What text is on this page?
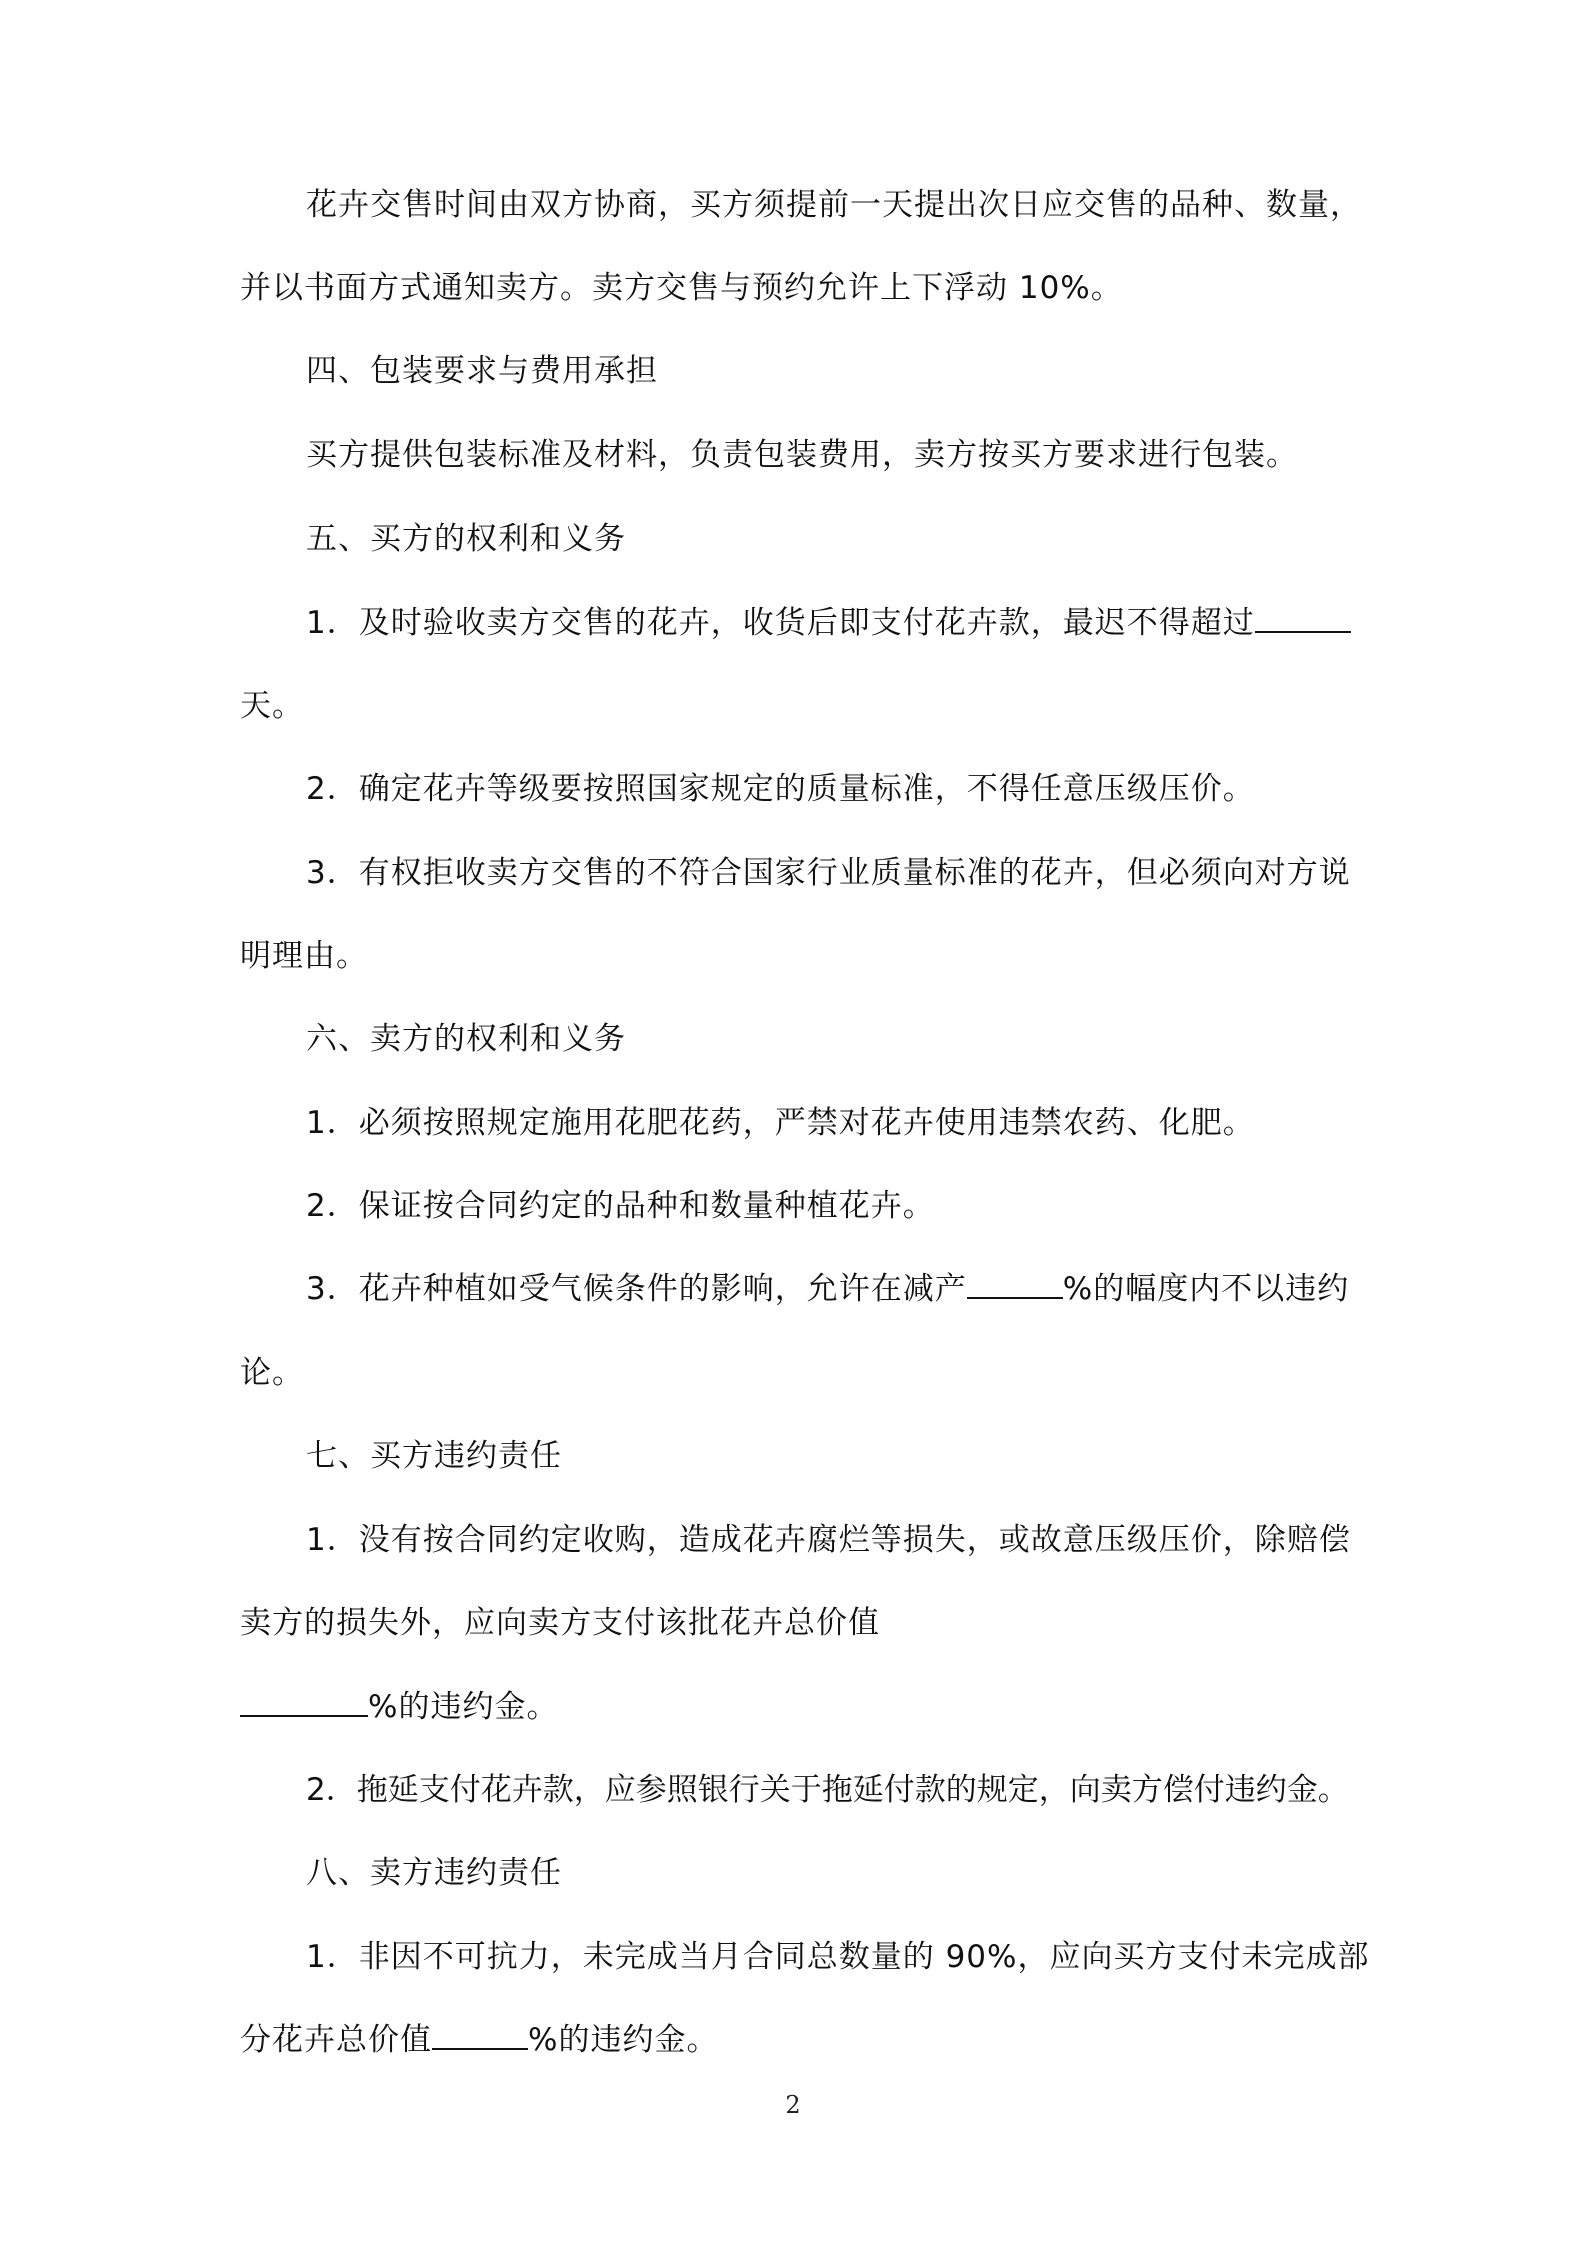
花卉交售时间由双方协商，买方须提前一天提出次日应交售的品种、数量，
并以书面方式通知卖方。卖方交售与预约允许上下浮动 10%。
四、包装要求与费用承担
买方提供包装标准及材料，负责包装费用，卖方按买方要求进行包装。
五、买方的权利和义务
1．及时验收卖方交售的花卉，收货后即支付花卉款，最迟不得超过
天。
2．确定花卉等级要按照国家规定的质量标准，不得任意压级压价。
3．有权拒收卖方交售的不符合国家行业质量标准的花卉，但必须向对方说
明理由。
六、卖方的权利和义务
1．必须按照规定施用花肥花药，严禁对花卉使用违禁农药、化肥。
2．保证按合同约定的品种和数量种植花卉。
3．花卉种植如受气候条件的影响，允许在减产	%的幅度内不以违约
论。
七、买方违约责任
1．没有按合同约定收购，造成花卉腐烂等损失，或故意压级压价，除赔偿
卖方的损失外，应向卖方支付该批花卉总价值
%的违约金。
2．拖延支付花卉款，应参照银行关于拖延付款的规定，向卖方偿付违约金。
八、卖方违约责任
1．非因不可抗力，未完成当月合同总数量的 90%，应向买方支付未完成部
分花卉总价值	%的违约金。
2
